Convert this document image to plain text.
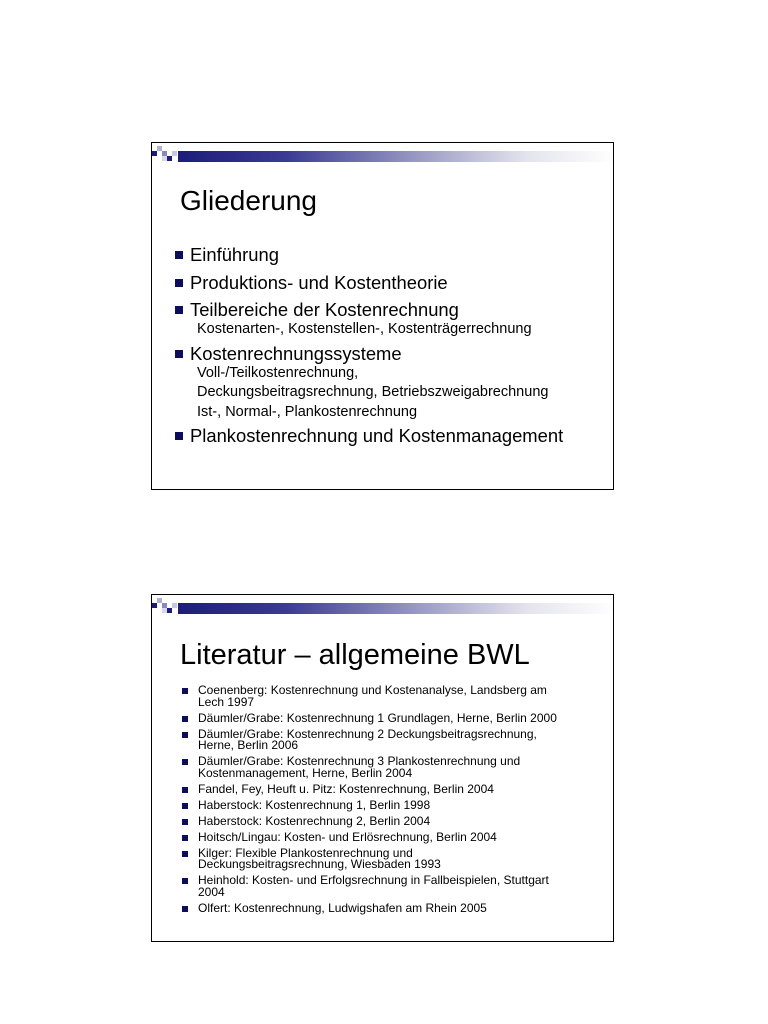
Gliederung
Einführung
Produktions- und Kostentheorie
Teilbereiche der Kostenrechnung
Kostenarten-, Kostenstellen-, Kostenträgerrechnung
Kostenrechnungssysteme
Voll-/Teilkostenrechnung,
Deckungsbeitragsrechnung, Betriebszweigabrechnung
Ist-, Normal-, Plankostenrechnung
Plankostenrechnung und Kostenmanagement
Literatur – allgemeine BWL
Coenenberg: Kostenrechnung und Kostenanalyse, Landsberg am
Lech 1997
Däumler/Grabe: Kostenrechnung 1 Grundlagen, Herne, Berlin 2000
Däumler/Grabe: Kostenrechnung 2 Deckungsbeitragsrechnung,
Herne, Berlin 2006
Däumler/Grabe: Kostenrechnung 3 Plankostenrechnung und
Kostenmanagement, Herne, Berlin 2004
Fandel, Fey, Heuft u. Pitz: Kostenrechnung, Berlin 2004
Haberstock: Kostenrechnung 1, Berlin 1998
Haberstock: Kostenrechnung 2, Berlin 2004
Hoitsch/Lingau: Kosten- und Erlösrechnung, Berlin 2004
Kilger: Flexible Plankostenrechnung und
Deckungsbeitragsrechnung, Wiesbaden 1993
Heinhold: Kosten- und Erfolgsrechnung in Fallbeispielen, Stuttgart
2004
Olfert: Kostenrechnung, Ludwigshafen am Rhein 2005
